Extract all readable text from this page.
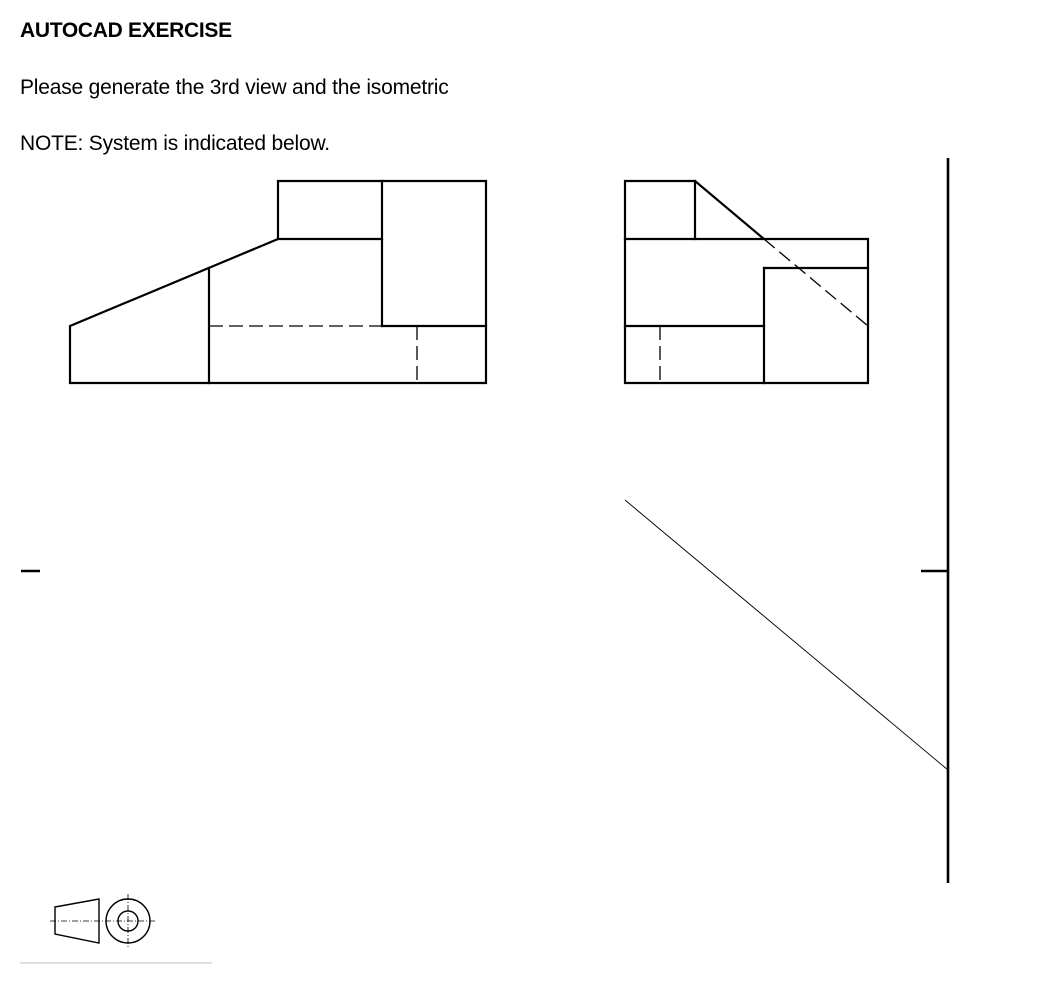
AUTOCAD EXERCISE
Please generate the 3rd view and the isometric
NOTE: System is indicated below.
